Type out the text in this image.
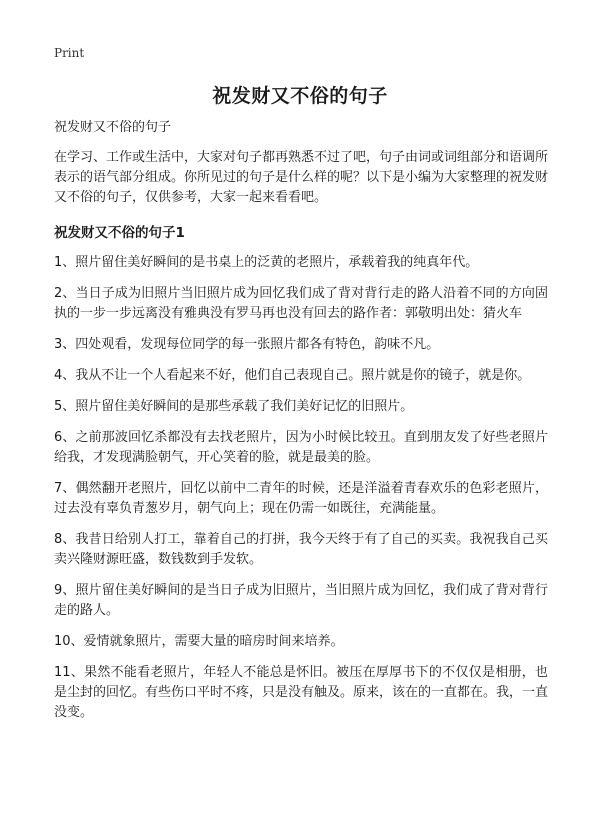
Print
祝发财又不俗的句子

祝发财又不俗的句子

在学习、工作或生活中，大家对句子都再熟悉不过了吧，句子由词或词组部分和语调所表示的语气部分组成。你所见过的句子是什么样的呢？以下是小编为大家整理的祝发财又不俗的句子，仅供参考，大家一起来看看吧。

祝发财又不俗的句子1

1、照片留住美好瞬间的是书桌上的泛黄的老照片，承载着我的纯真年代。

2、当日子成为旧照片当旧照片成为回忆我们成了背对背行走的路人沿着不同的方向固执的一步一步远离没有雅典没有罗马再也没有回去的路作者：郭敬明出处：猜火车

3、四处观看，发现每位同学的每一张照片都各有特色，韵味不凡。

4、我从不让一个人看起来不好，他们自己表现自己。照片就是你的镜子，就是你。

5、照片留住美好瞬间的是那些承载了我们美好记忆的旧照片。

6、之前那波回忆杀都没有去找老照片，因为小时候比较丑。直到朋友发了好些老照片给我，才发现满脸朝气，开心笑着的脸，就是最美的脸。

7、偶然翻开老照片，回忆以前中二青年的时候，还是洋溢着青春欢乐的色彩老照片，过去没有辜负青葱岁月，朝气向上；现在仍需一如既往，充满能量。

8、我昔日给别人打工，靠着自己的打拼，我今天终于有了自己的买卖。我祝我自己买卖兴隆财源旺盛，数钱数到手发软。

9、照片留住美好瞬间的是当日子成为旧照片，当旧照片成为回忆，我们成了背对背行走的路人。

10、爱情就象照片，需要大量的暗房时间来培养。

11、果然不能看老照片，年轻人不能总是怀旧。被压在厚厚书下的不仅仅是相册，也是尘封的回忆。有些伤口平时不疼，只是没有触及。原来，该在的一直都在。我，一直没变。
